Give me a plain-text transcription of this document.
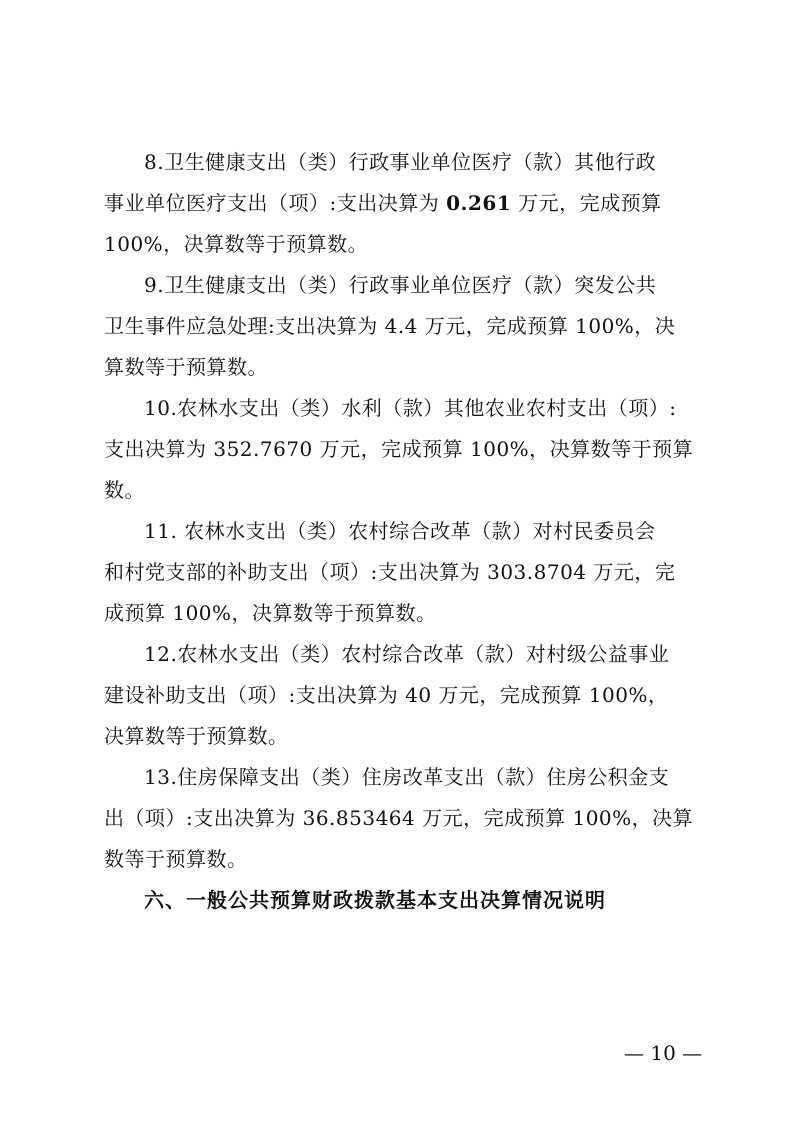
8.卫生健康支出（类）行政事业单位医疗（款）其他行政
事业单位医疗支出（项）:支出决算为 0.261 万元，完成预算
100%，决算数等于预算数。
9.卫生健康支出（类）行政事业单位医疗（款）突发公共
卫生事件应急处理:支出决算为 4.4 万元，完成预算 100%，决
算数等于预算数。
10.农林水支出（类）水利（款）其他农业农村支出（项）:
支出决算为 352.7670 万元，完成预算 100%，决算数等于预算
数。
11. 农林水支出（类）农村综合改革（款）对村民委员会
和村党支部的补助支出（项）:支出决算为 303.8704 万元，完
成预算 100%，决算数等于预算数。
12.农林水支出（类）农村综合改革（款）对村级公益事业
建设补助支出（项）:支出决算为 40 万元，完成预算 100%，
决算数等于预算数。
13.住房保障支出（类）住房改革支出（款）住房公积金支
出（项）:支出决算为 36.853464 万元，完成预算 100%，决算
数等于预算数。
六、一般公共预算财政拨款基本支出决算情况说明
— 10 —
